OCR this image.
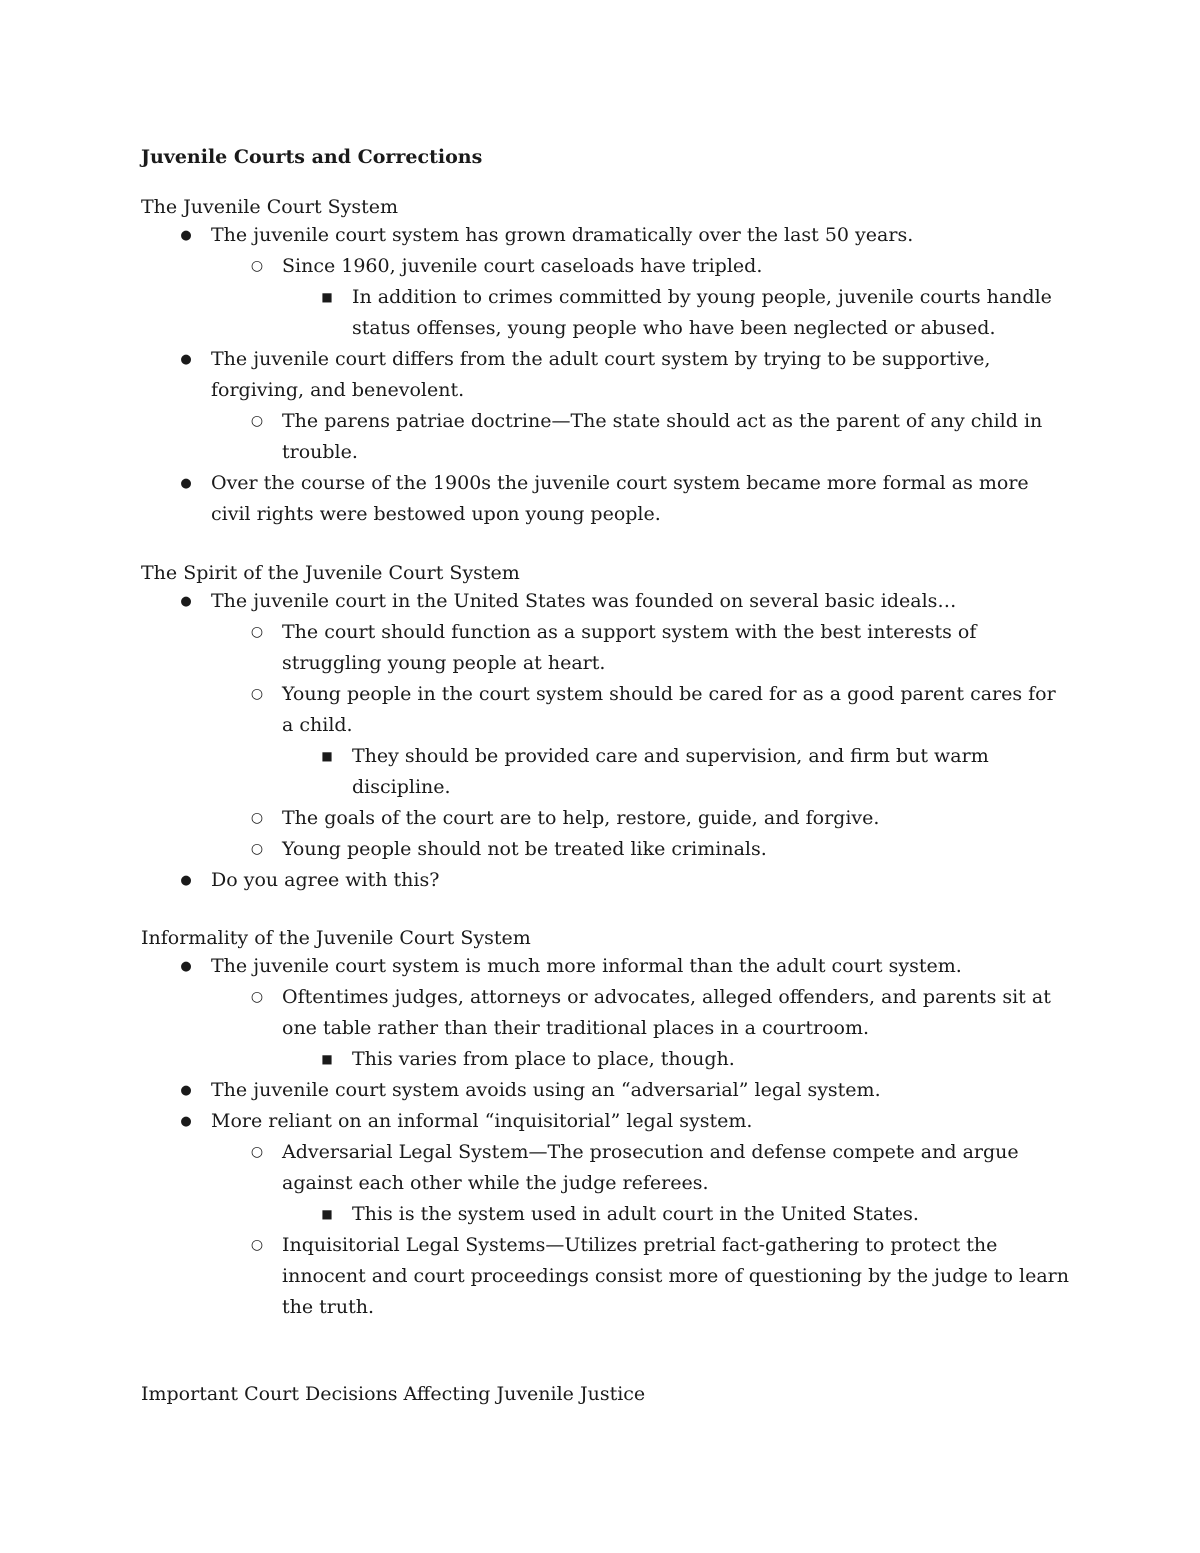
Juvenile Courts and Corrections

The Juvenile Court System

●
The juvenile court system has grown dramatically over the last 50 years.
○
Since 1960, juvenile court caseloads have tripled.
■
In addition to crimes committed by young people, juvenile courts handle status offenses, young people who have been neglected or abused.
●
The juvenile court differs from the adult court system by trying to be supportive, forgiving, and benevolent.
○
The parens patriae doctrine—The state should act as the parent of any child in trouble.
●
Over the course of the 1900s the juvenile court system became more formal as more civil rights were bestowed upon young people.

The Spirit of the Juvenile Court System

●
The juvenile court in the United States was founded on several basic ideals…
○
The court should function as a support system with the best interests of struggling young people at heart.
○
Young people in the court system should be cared for as a good parent cares for a child.
■
They should be provided care and supervision, and firm but warm discipline.
○
The goals of the court are to help, restore, guide, and forgive.
○
Young people should not be treated like criminals.
●
Do you agree with this?

Informality of the Juvenile Court System

●
The juvenile court system is much more informal than the adult court system.
○
Oftentimes judges, attorneys or advocates, alleged offenders, and parents sit at one table rather than their traditional places in a courtroom.
■
This varies from place to place, though.
●
The juvenile court system avoids using an “adversarial” legal system.
●
More reliant on an informal “inquisitorial” legal system.
○
Adversarial Legal System—The prosecution and defense compete and argue against each other while the judge referees.
■
This is the system used in adult court in the United States.
○
Inquisitorial Legal Systems—Utilizes pretrial fact-gathering to protect the innocent and court proceedings consist more of questioning by the judge to learn the truth.

Important Court Decisions Affecting Juvenile Justice
